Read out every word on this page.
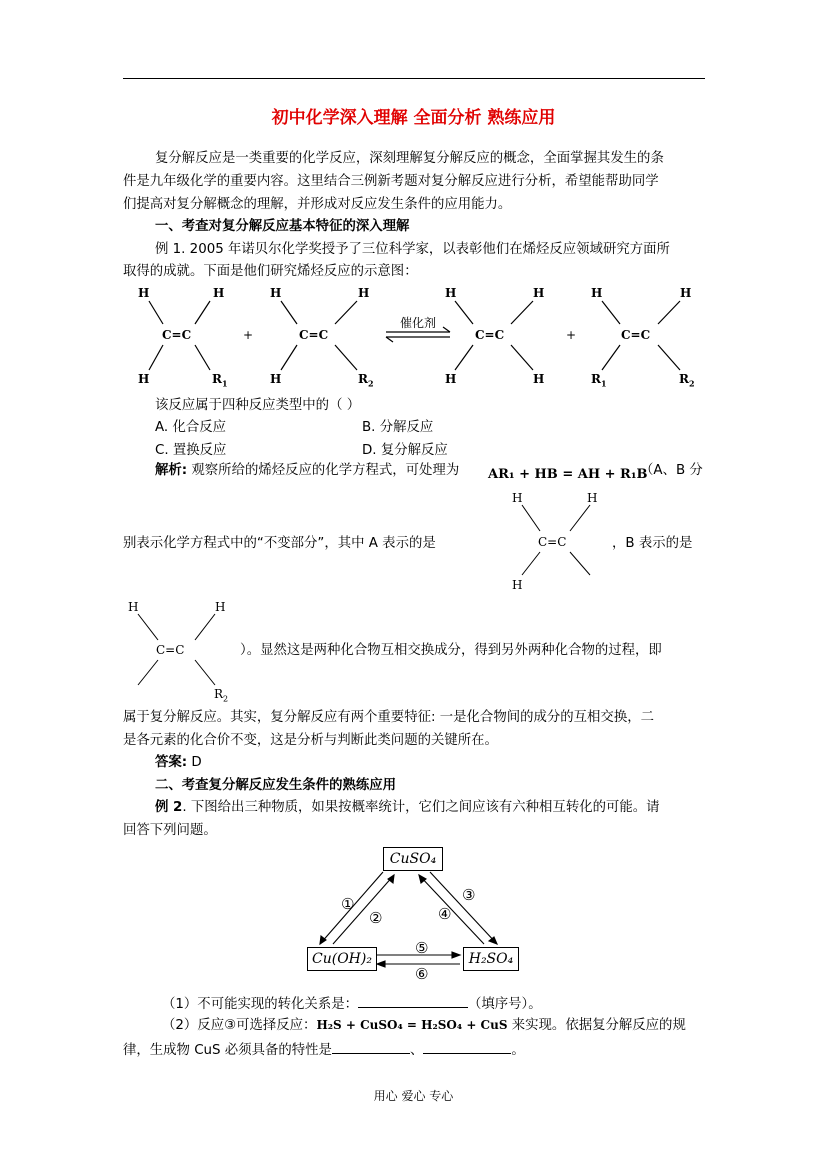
初中化学深入理解 全面分析 熟练应用
复分解反应是一类重要的化学反应，深刻理解复分解反应的概念，全面掌握其发生的条
件是九年级化学的重要内容。这里结合三例新考题对复分解反应进行分析，希望能帮助同学
们提高对复分解概念的理解，并形成对反应发生条件的应用能力。
一、考查对复分解反应基本特征的深入理解
例 1. 2005 年诺贝尔化学奖授予了三位科学家，以表彰他们在烯烃反应领域研究方面所
取得的成就。下面是他们研究烯烃反应的示意图：
H	H
C=C
H	$R_1$
+
H	H
C=C
H	$R_2$
催化剂
H	H
C=C
H	H
+
H	H
C=C
$R_1$	$R_2$
该反应属于四种反应类型中的（ ）
A. 化合反应	B. 分解反应
C. 置换反应	D. 复分解反应
解析: 观察所给的烯烃反应的化学方程式，可处理为 AR₁ + HB = AH + R₁B
（A、B 分
H	H
别表示化学方程式中的“不变部分”，其中 A 表示的是	C=C	，B 表示的是
H
H	H
C=C	）。显然这是两种化合物互相交换成分，得到另外两种化合物的过程，即
$R_2$
属于复分解反应。其实，复分解反应有两个重要特征: 一是化合物间的成分的互相交换，二
是各元素的化合价不变，这是分析与判断此类问题的关键所在。
答案: D
二、考查复分解反应发生条件的熟练应用
例 2. 下图给出三种物质，如果按概率统计，它们之间应该有六种相互转化的可能。请
回答下列问题。
CuSO₄
Cu(OH)₂	H₂SO₄
①
②
③
④
⑤
⑥
（1）不可能实现的转化关系是：	（填序号）。
（2）反应③可选择反应：H₂S + CuSO₄ = H₂SO₄ + CuS 来实现。依据复分解反应的规
律，生成物 CuS 必须具备的特性是	、	。
用心 爱心 专心
